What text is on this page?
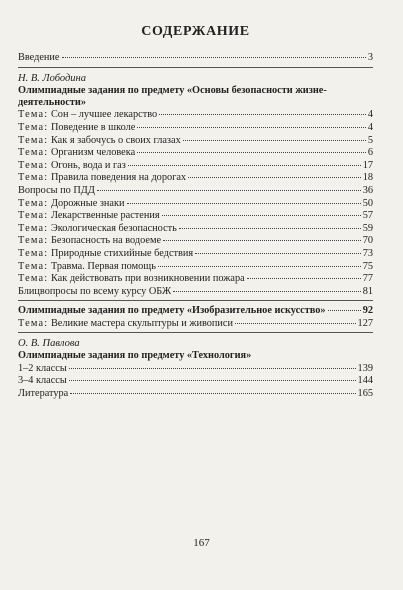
СОДЕРЖАНИЕ
Введение	3
Н. В. Лободина
Олимпиадные задания по предмету «Основы безопасности жизне-
деятельности»
Тема: Сон – лучшее лекарство	4
Тема: Поведение в школе	4
Тема: Как я забочусь о своих глазах	5
Тема: Организм человека	6
Тема: Огонь, вода и газ	17
Тема: Правила поведения на дорогах	18
Вопросы по ПДД	36
Тема: Дорожные знаки	50
Тема: Лекарственные растения	57
Тема: Экологическая безопасность	59
Тема: Безопасность на водоеме	70
Тема: Природные стихийные бедствия	73
Тема: Травма. Первая помощь	75
Тема: Как действовать при возникновении пожара	77
Блицвопросы по всему курсу ОБЖ	81
Олимпиадные задания по предмету «Изобразительное искусство»	92
Тема: Великие мастера скульптуры и живописи	127
О. В. Павлова
Олимпиадные задания по предмету «Технология»
1–2 классы	139
3–4 классы	144
Литература	165
167
